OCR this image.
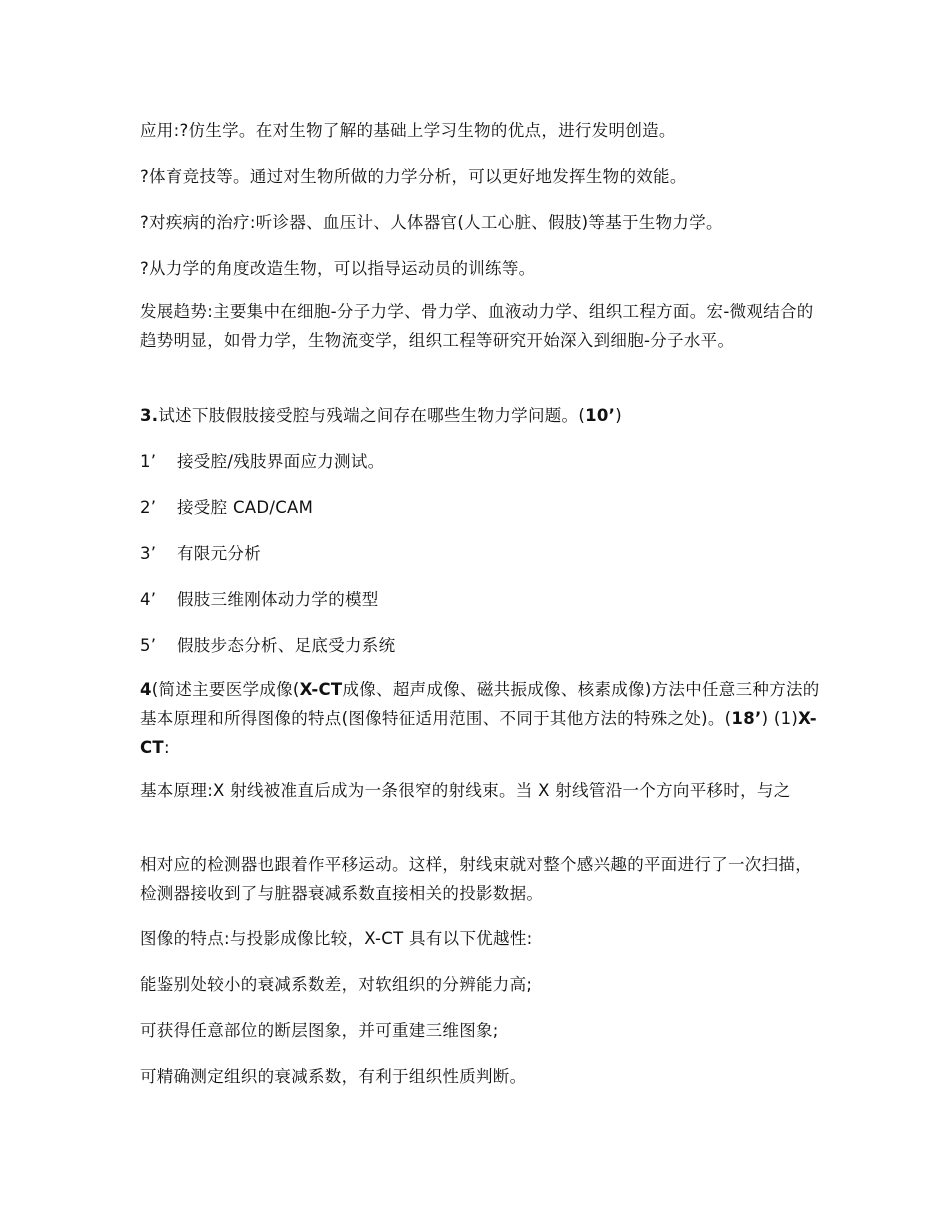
应用:?仿生学。在对生物了解的基础上学习生物的优点，进行发明创造。

?体育竞技等。通过对生物所做的力学分析，可以更好地发挥生物的效能。

?对疾病的治疗:听诊器、血压计、人体器官(人工心脏、假肢)等基于生物力学。

?从力学的角度改造生物，可以指导运动员的训练等。

发展趋势:主要集中在细胞-分子力学、骨力学、血液动力学、组织工程方面。宏-微观结合的趋势明显，如骨力学，生物流变学，组织工程等研究开始深入到细胞-分子水平。

3.试述下肢假肢接受腔与残端之间存在哪些生物力学问题。(10’)

1’ 接受腔/残肢界面应力测试。

2’ 接受腔 CAD/CAM

3’ 有限元分析

4’ 假肢三维刚体动力学的模型

5’ 假肢步态分析、足底受力系统

4(简述主要医学成像(X-CT成像、超声成像、磁共振成像、核素成像)方法中任意三种方法的基本原理和所得图像的特点(图像特征适用范围、不同于其他方法的特殊之处)。(18’) (1)X-CT:

基本原理:X 射线被准直后成为一条很窄的射线束。当 X 射线管沿一个方向平移时，与之

相对应的检测器也跟着作平移运动。这样，射线束就对整个感兴趣的平面进行了一次扫描，检测器接收到了与脏器衰减系数直接相关的投影数据。

图像的特点:与投影成像比较，X-CT 具有以下优越性:

能鉴别处较小的衰减系数差，对软组织的分辨能力高;

可获得任意部位的断层图象，并可重建三维图象;

可精确测定组织的衰减系数，有利于组织性质判断。
